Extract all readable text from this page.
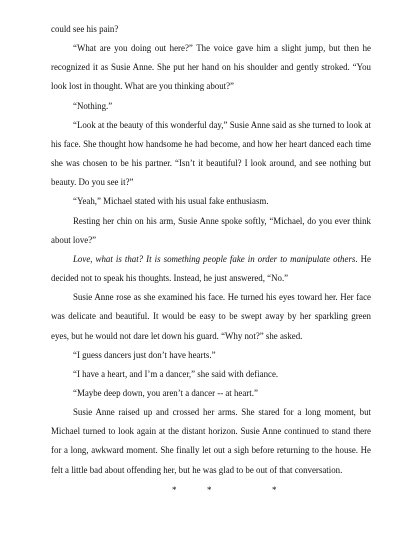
could see his pain?

“What are you doing out here?” The voice gave him a slight jump, but then he recognized it as Susie Anne. She put her hand on his shoulder and gently stroked. “You look lost in thought. What are you thinking about?”

“Nothing.”

“Look at the beauty of this wonderful day,” Susie Anne said as she turned to look at his face. She thought how handsome he had become, and how her heart danced each time she was chosen to be his partner. “Isn’t it beautiful? I look around, and see nothing but beauty. Do you see it?”

“Yeah,” Michael stated with his usual fake enthusiasm.

Resting her chin on his arm, Susie Anne spoke softly, “Michael, do you ever think about love?”

Love, what is that? It is something people fake in order to manipulate others. He decided not to speak his thoughts. Instead, he just answered, “No.”

Susie Anne rose as she examined his face. He turned his eyes toward her. Her face was delicate and beautiful. It would be easy to be swept away by her sparkling green eyes, but he would not dare let down his guard. “Why not?” she asked.

“I guess dancers just don’t have hearts.”

“I have a heart, and I’m a dancer,” she said with defiance.

“Maybe deep down, you aren’t a dancer -- at heart.”

Susie Anne raised up and crossed her arms. She stared for a long moment, but Michael turned to look again at the distant horizon. Susie Anne continued to stand there for a long, awkward moment. She finally let out a sigh before returning to the house. He felt a little bad about offending her, but he was glad to be out of that conversation.

*	*	*
